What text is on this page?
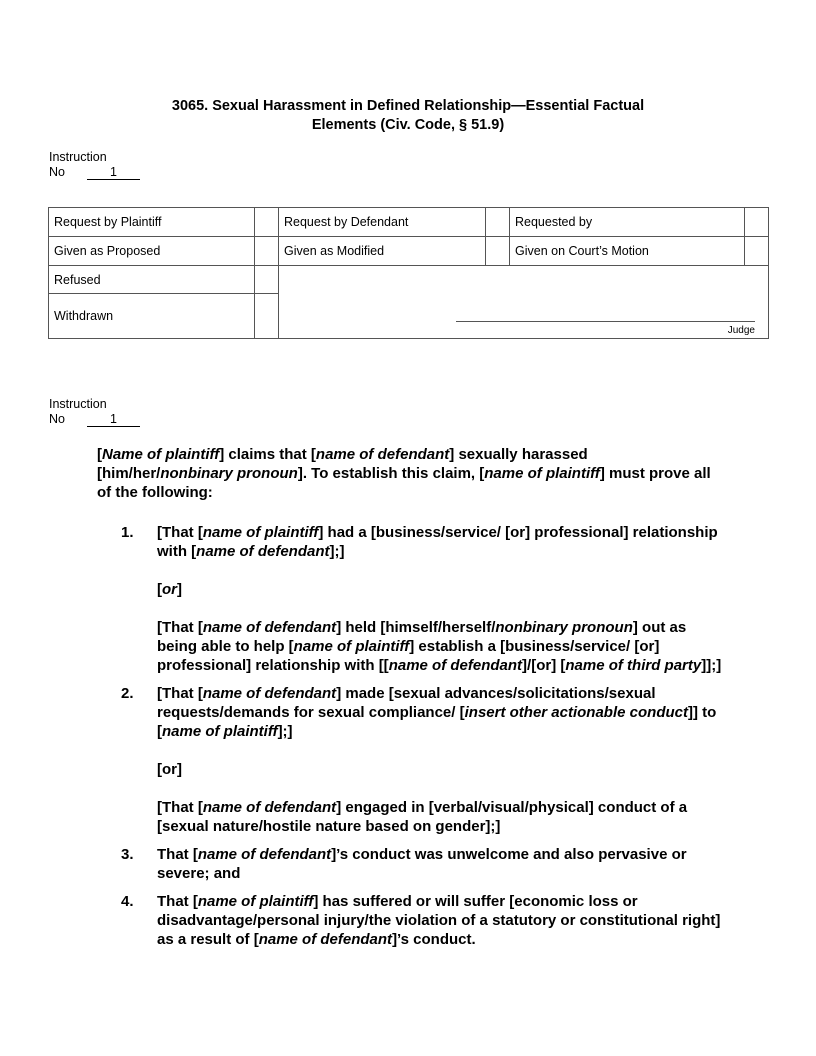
3065. Sexual Harassment in Defined Relationship—Essential Factual
Elements (Civ. Code, § 51.9)
Instruction
No	1
Request by Plaintiff		Request by Defendant		Requested by	
Given as Proposed		Given as Modified		Given on Court’s Motion	
Refused		Judge			

Withdrawn					
Instruction
No	1

[Name of plaintiff] claims that [name of defendant] sexually harassed [him/her/nonbinary pronoun]. To establish this claim, [name of plaintiff] must prove all of the following:

1. [That [name of plaintiff] had a [business/service/ [or] professional] relationship with [name of defendant];]

[or]

[That [name of defendant] held [himself/herself/nonbinary pronoun] out as being able to help [name of plaintiff] establish a [business/service/ [or] professional] relationship with [[name of defendant]/[or] [name of third party]];]

2. [That [name of defendant] made [sexual advances/solicitations/sexual requests/demands for sexual compliance/ [insert other actionable conduct]] to [name of plaintiff];]

[or]

[That [name of defendant] engaged in [verbal/visual/physical] conduct of a [sexual nature/hostile nature based on gender];]

3. That [name of defendant]’s conduct was unwelcome and also pervasive or severe; and

4. That [name of plaintiff] has suffered or will suffer [economic loss or disadvantage/personal injury/the violation of a statutory or constitutional right] as a result of [name of defendant]’s conduct.
